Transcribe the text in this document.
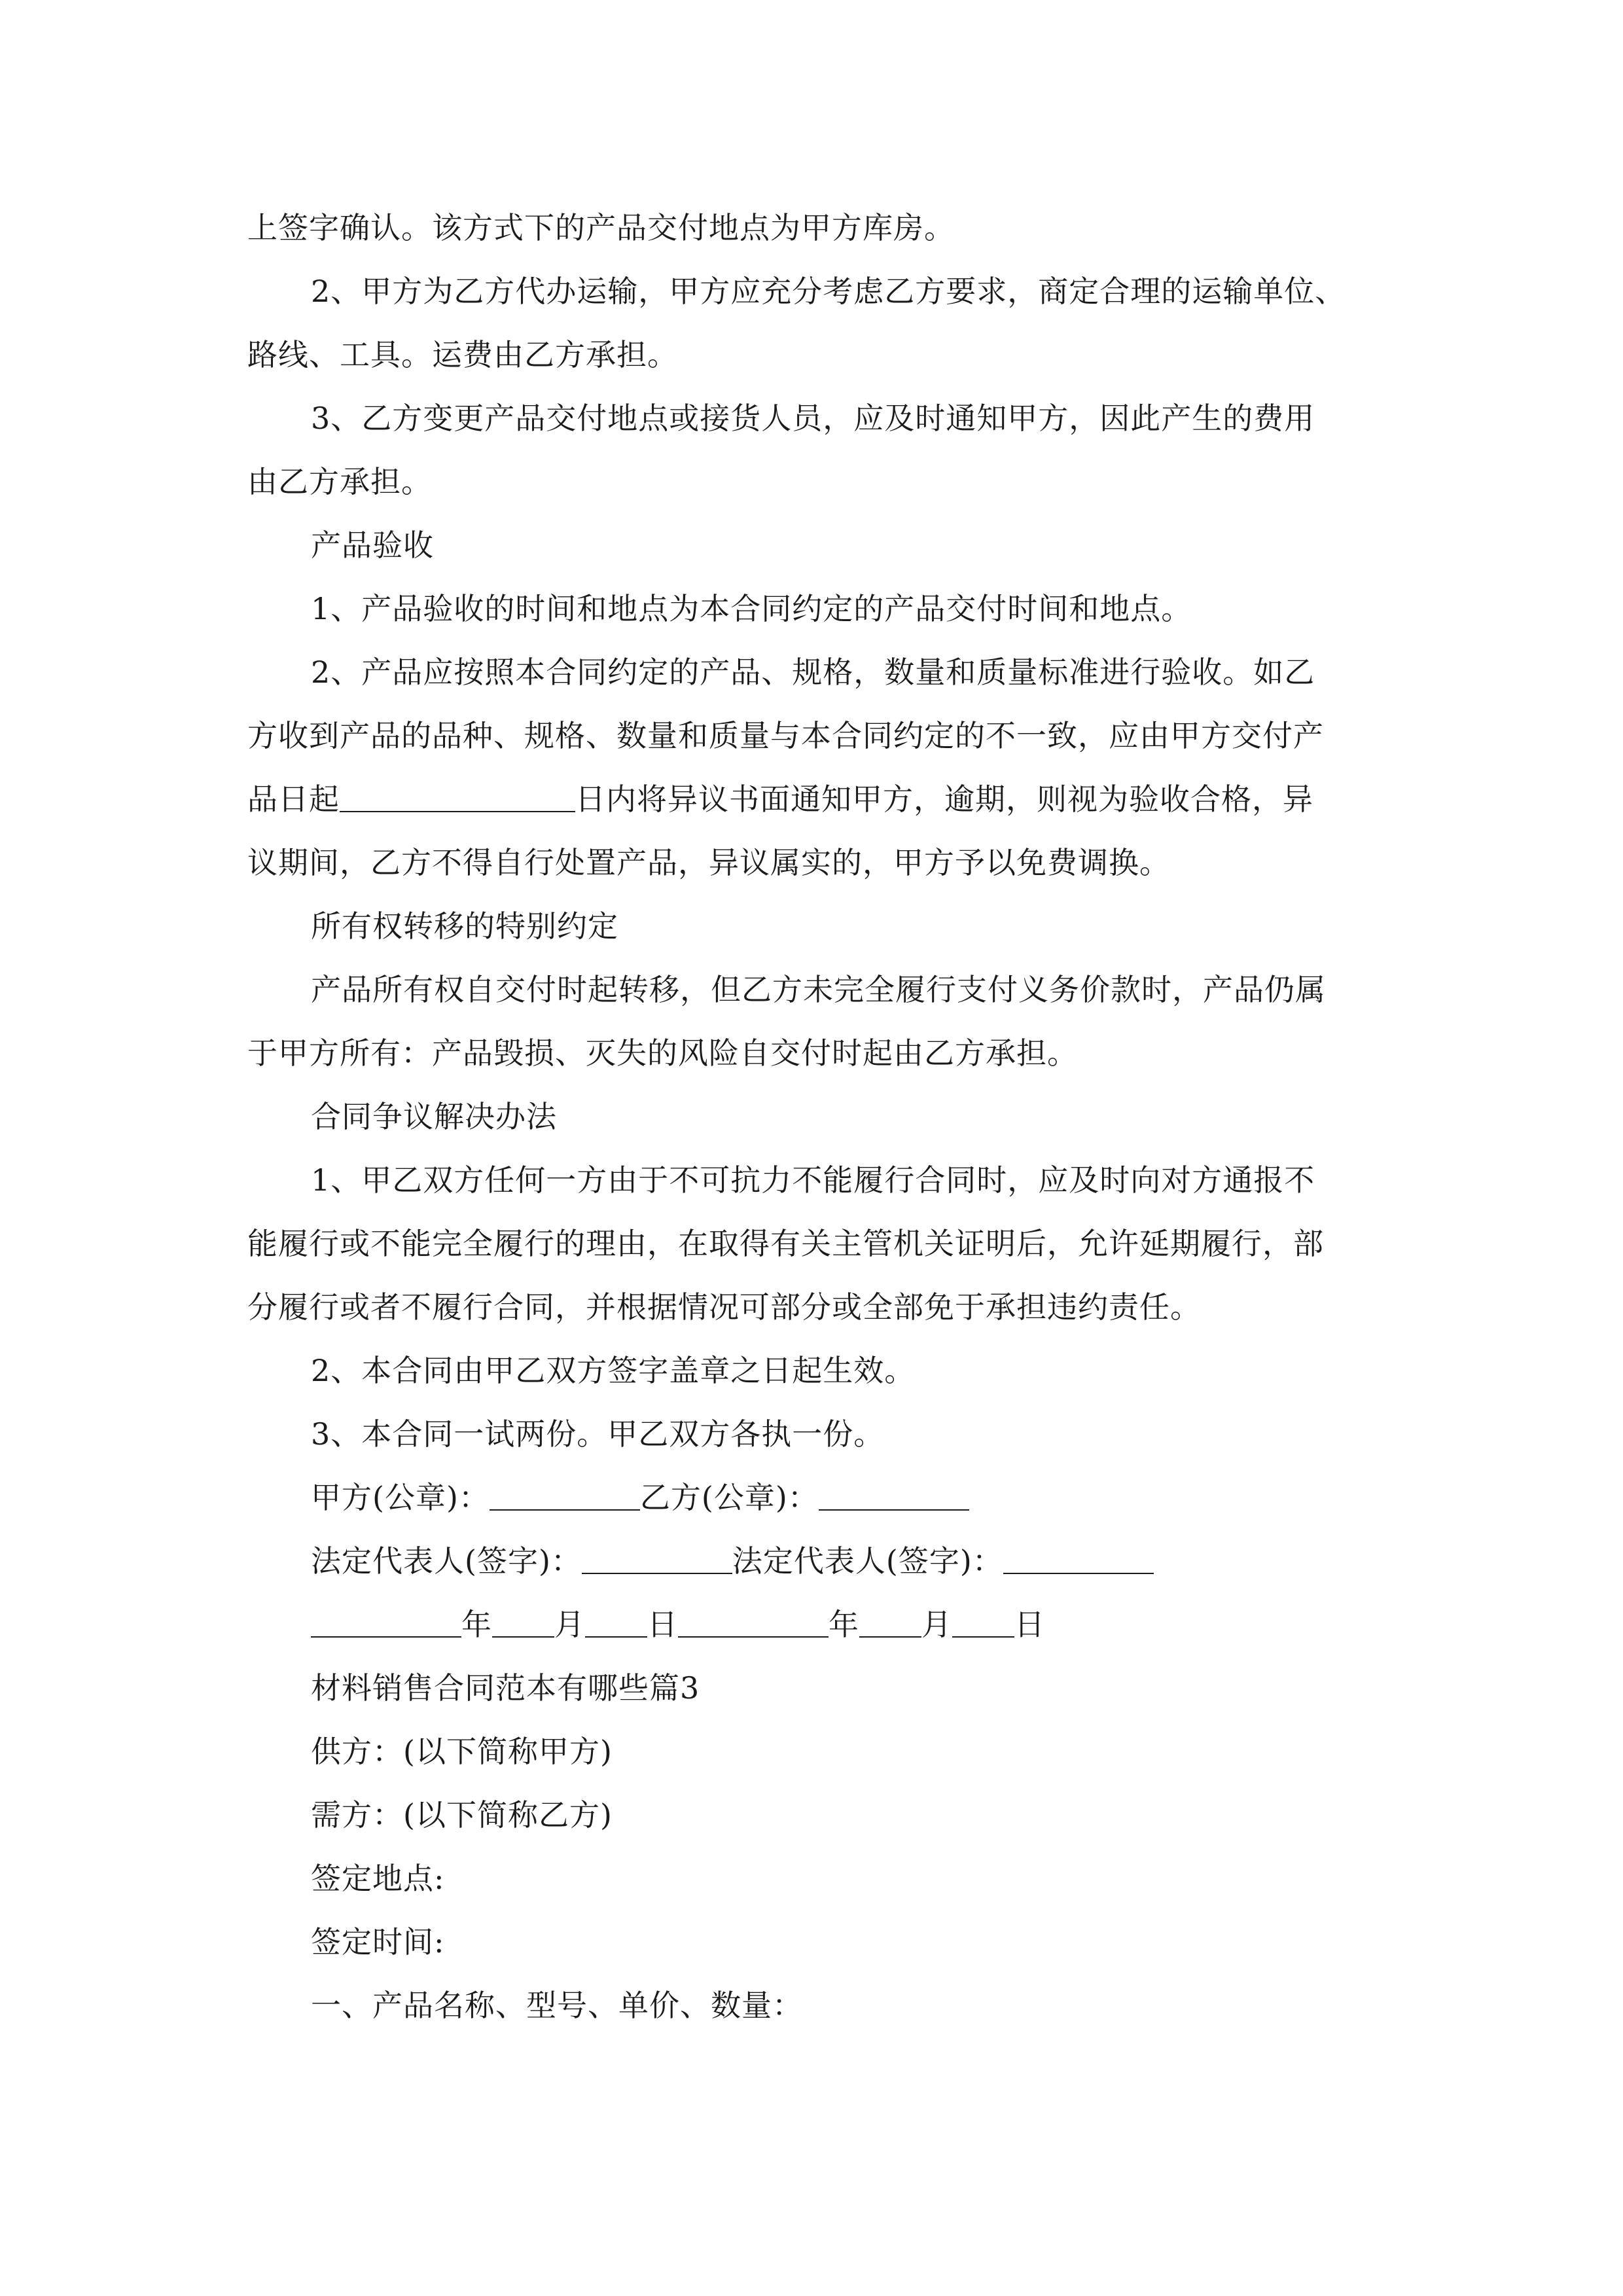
上签字确认。该方式下的产品交付地点为甲方库房。
2、甲方为乙方代办运输，甲方应充分考虑乙方要求，商定合理的运输单位、
路线、工具。运费由乙方承担。
3、乙方变更产品交付地点或接货人员，应及时通知甲方，因此产生的费用
由乙方承担。
产品验收
1、产品验收的时间和地点为本合同约定的产品交付时间和地点。
2、产品应按照本合同约定的产品、规格，数量和质量标准进行验收。如乙
方收到产品的品种、规格、数量和质量与本合同约定的不一致，应由甲方交付产
品日起	日内将异议书面通知甲方，逾期，则视为验收合格，异
议期间，乙方不得自行处置产品，异议属实的，甲方予以免费调换。
所有权转移的特别约定
产品所有权自交付时起转移，但乙方未完全履行支付义务价款时，产品仍属
于甲方所有：产品毁损、灭失的风险自交付时起由乙方承担。
合同争议解决办法
1、甲乙双方任何一方由于不可抗力不能履行合同时，应及时向对方通报不
能履行或不能完全履行的理由，在取得有关主管机关证明后，允许延期履行，部
分履行或者不履行合同，并根据情况可部分或全部免于承担违约责任。
2、本合同由甲乙双方签字盖章之日起生效。
3、本合同一试两份。甲乙双方各执一份。
甲方(公章)：	乙方(公章)：
法定代表人(签字)：	法定代表人(签字)：
年 月 日	年 月 日
材料销售合同范本有哪些篇3
供方：(以下简称甲方)
需方：(以下简称乙方)
签定地点:
签定时间:
一、产品名称、型号、单价、数量：
